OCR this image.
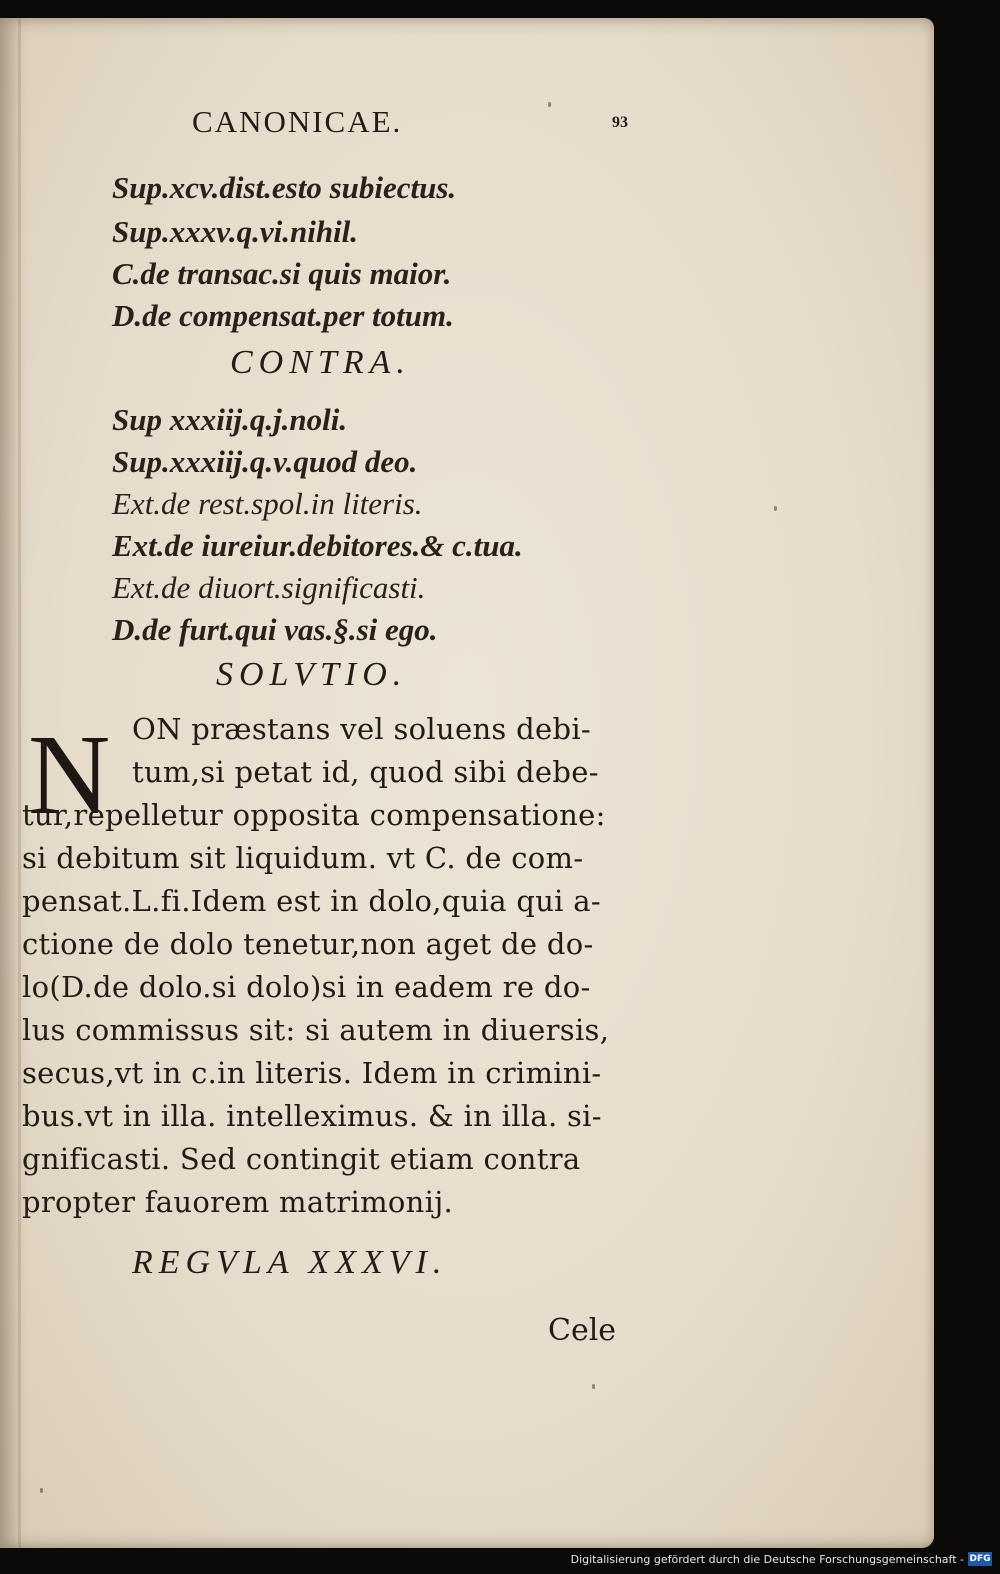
CANONICAE.	93
Sup.xcv.dist.esto subiectus.
Sup.xxxv.q.vi.nihil.
C.de transac.si quis maior.
D.de compensat.per totum.
CONTRA.
Sup xxxiij.q.j.noli.
Sup.xxxiij.q.v.quod deo.
Ext.de rest.spol.in literis.
Ext.de iureiur.debitores.& c.tua.
Ext.de diuort.significasti.
D.de furt.qui vas.§.si ego.
SOLVTIO.
N ON præstans vel soluens debi-
tum,si petat id, quod sibi debe-
tur,repelletur opposita compensatione:
si debitum sit liquidum. vt C. de com-
pensat.L.fi.Idem est in dolo,quia qui a-
ctione de dolo tenetur,non aget de do-
lo(D.de dolo.si dolo)si in eadem re do-
lus commissus sit: si autem in diuersis,
secus,vt in c.in literis. Idem in crimini-
bus.vt in illa. intelleximus. & in illa. si-
gnificasti. Sed contingit etiam contra
propter fauorem matrimonij.
REGVLA XXXVI.
Cele
Digitalisierung gefördert durch die Deutsche Forschungsgemeinschaft - DFG
